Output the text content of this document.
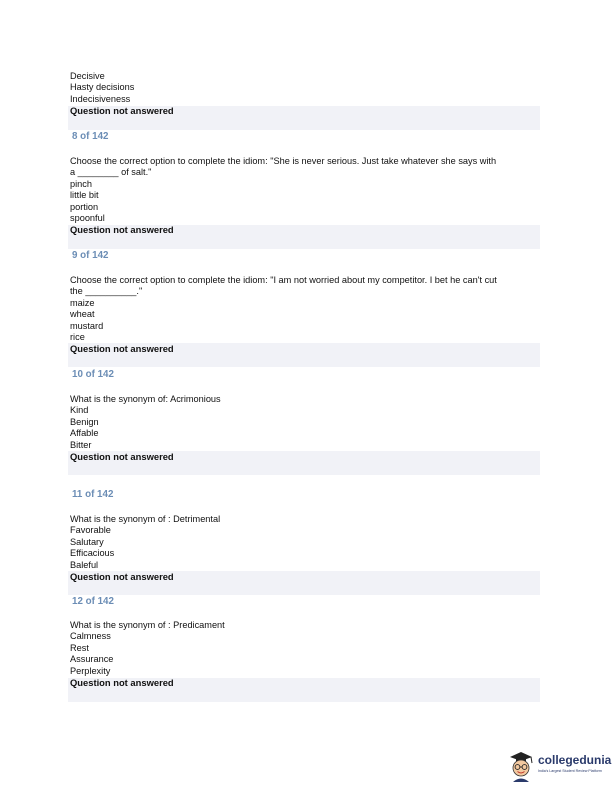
Decisive
Hasty decisions
Indecisiveness
Question not answered
8 of 142
Choose the correct option to complete the idiom: "She is never serious. Just take whatever she says with
a ________ of salt."
pinch
little bit
portion
spoonful
Question not answered
9 of 142
Choose the correct option to complete the idiom: "I am not worried about my competitor. I bet he can't cut
the __________."
maize
wheat
mustard
rice
Question not answered
10 of 142
What is the synonym of: Acrimonious
Kind
Benign
Affable
Bitter
Question not answered
11 of 142
What is the synonym of : Detrimental
Favorable
Salutary
Efficacious
Baleful
Question not answered
12 of 142
What is the synonym of : Predicament
Calmness
Rest
Assurance
Perplexity
Question not answered
collegedunia
India's Largest Student Review Platform
